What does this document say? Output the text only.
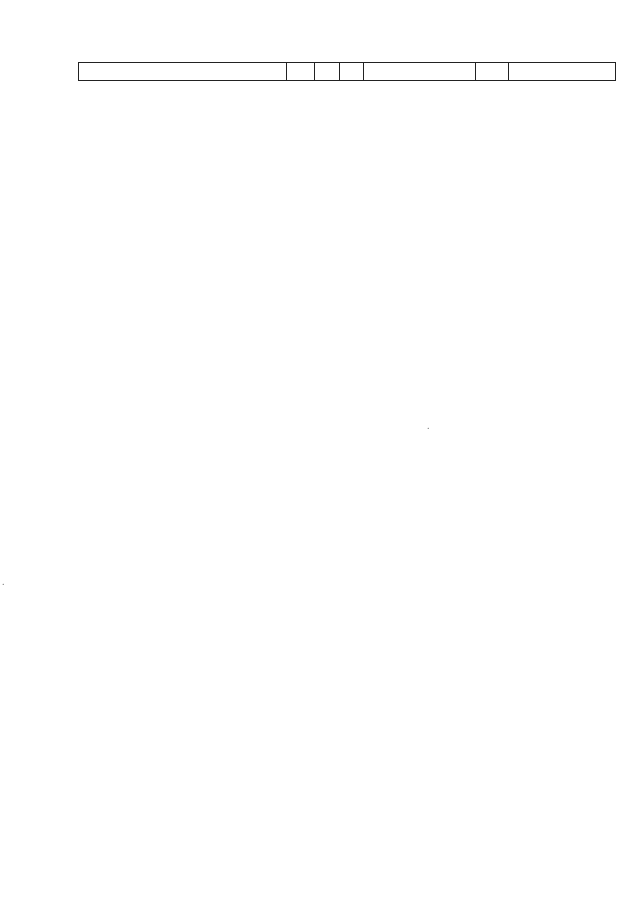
.
.
